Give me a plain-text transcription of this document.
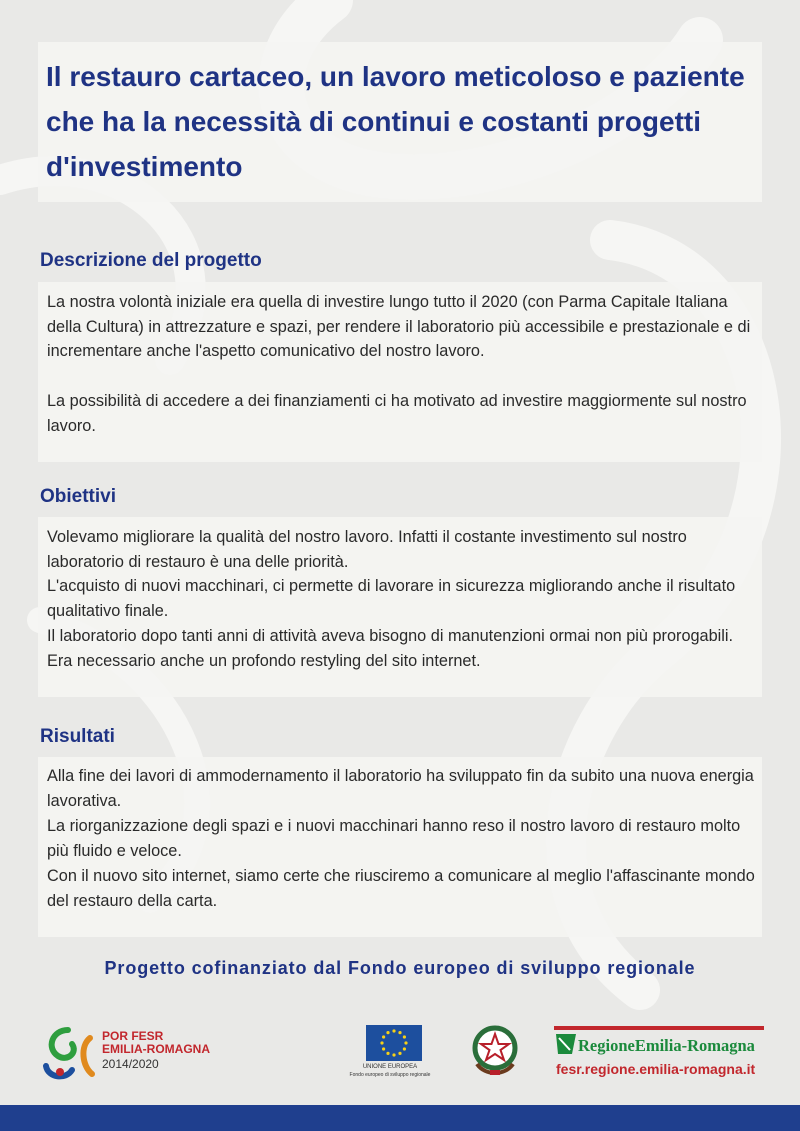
Il restauro cartaceo, un lavoro meticoloso e paziente che ha la necessità di continui e costanti progetti d'investimento
Descrizione del progetto

La nostra volontà iniziale era quella di investire lungo tutto il 2020 (con Parma Capitale Italiana della Cultura) in attrezzature e spazi, per rendere il laboratorio più accessibile e prestazionale e di incrementare anche l'aspetto comunicativo del nostro lavoro.

La possibilità di accedere a dei finanziamenti ci ha motivato ad investire maggiormente sul nostro lavoro.

Obiettivi

Volevamo migliorare la qualità del nostro lavoro. Infatti il costante investimento sul nostro laboratorio di restauro è una delle priorità.

L'acquisto di nuovi macchinari, ci permette di lavorare in sicurezza migliorando anche il risultato qualitativo finale.

Il laboratorio dopo tanti anni di attività aveva bisogno di manutenzioni ormai non più prorogabili. Era necessario anche un profondo restyling del sito internet.

Risultati

Alla fine dei lavori di ammodernamento il laboratorio ha sviluppato fin da subito una nuova energia lavorativa.

La riorganizzazione degli spazi e i nuovi macchinari hanno reso il nostro lavoro di restauro molto più fluido e veloce.

Con il nuovo sito internet, siamo certe che riusciremo a comunicare al meglio l'affascinante mondo del restauro della carta.

Progetto cofinanziato dal Fondo europeo di sviluppo regionale
POR FESR
EMILIA-ROMAGNA
2014/2020	UNIONE EUROPEA
Fondo europeo di sviluppo regionale
RegioneEmilia-Romagna
fesr.regione.emilia-romagna.it
